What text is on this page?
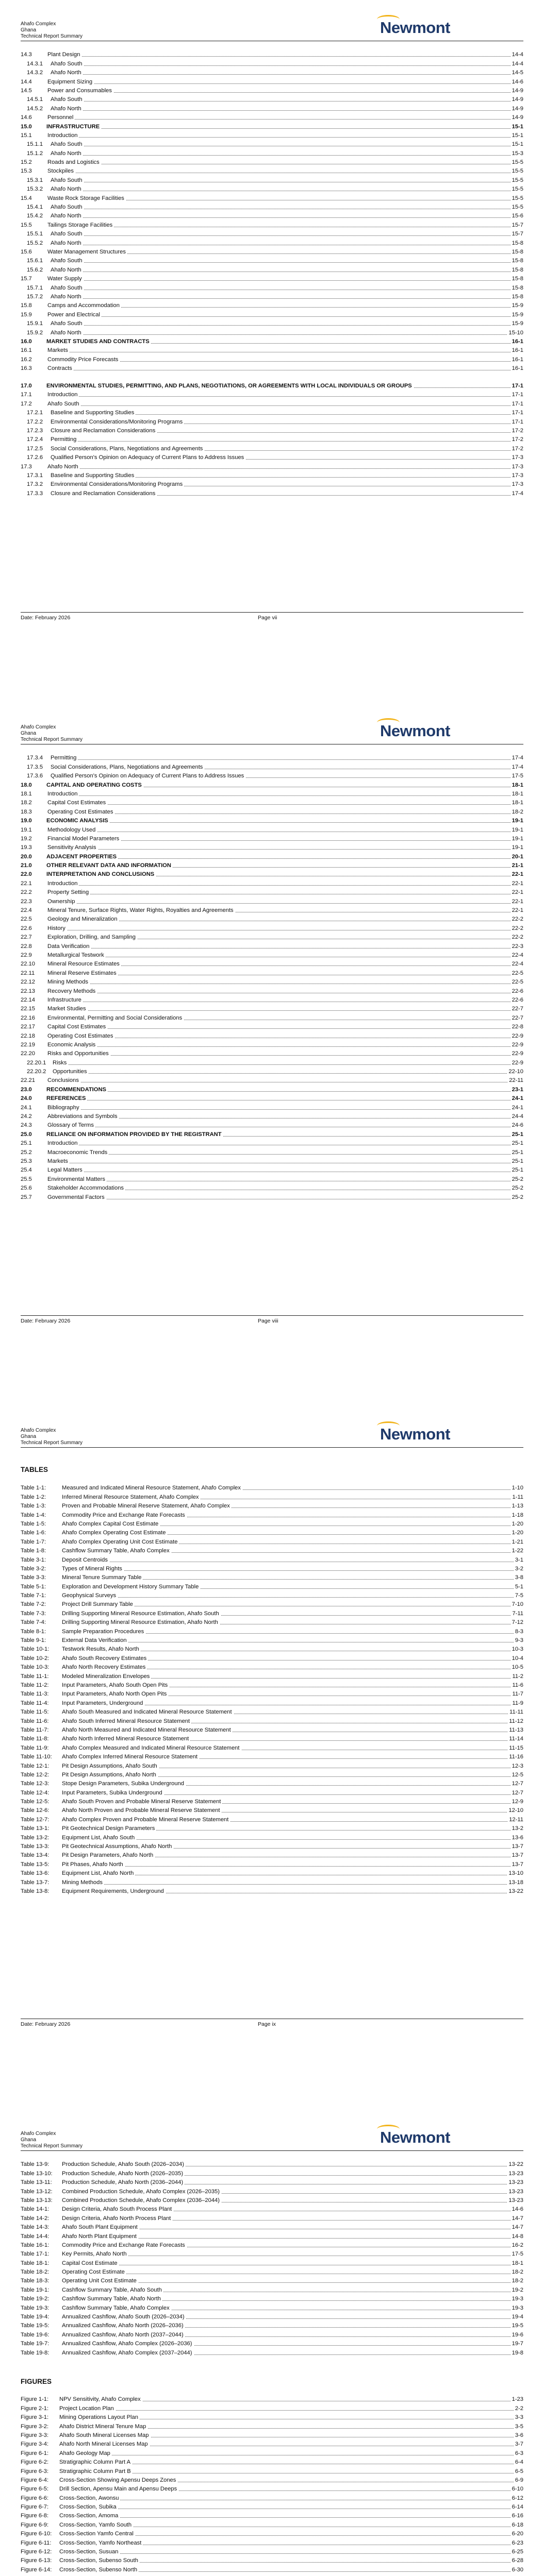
Ahafo Complex
Ghana
Technical Report Summary	Newmont
14.3	Plant Design	14-4
14.3.1	Ahafo South	14-4
14.3.2	Ahafo North	14-5
14.4	Equipment Sizing	14-6
14.5	Power and Consumables	14-9
14.5.1	Ahafo South	14-9
14.5.2	Ahafo North	14-9
14.6	Personnel	14-9
15.0	INFRASTRUCTURE	15-1
15.1	Introduction	15-1
15.1.1	Ahafo South	15-1
15.1.2	Ahafo North	15-3
15.2	Roads and Logistics	15-5
15.3	Stockpiles	15-5
15.3.1	Ahafo South	15-5
15.3.2	Ahafo North	15-5
15.4	Waste Rock Storage Facilities	15-5
15.4.1	Ahafo South	15-5
15.4.2	Ahafo North	15-6
15.5	Tailings Storage Facilities	15-7
15.5.1	Ahafo South	15-7
15.5.2	Ahafo North	15-8
15.6	Water Management Structures	15-8
15.6.1	Ahafo South	15-8
15.6.2	Ahafo North	15-8
15.7	Water Supply	15-8
15.7.1	Ahafo South	15-8
15.7.2	Ahafo North	15-8
15.8	Camps and Accommodation	15-9
15.9	Power and Electrical	15-9
15.9.1	Ahafo South	15-9
15.9.2	Ahafo North	15-10
16.0	MARKET STUDIES AND CONTRACTS	16-1
16.1	Markets	16-1
16.2	Commodity Price Forecasts	16-1
16.3	Contracts	16-1
17.0	ENVIRONMENTAL STUDIES, PERMITTING, AND PLANS, NEGOTIATIONS, OR AGREEMENTS WITH LOCAL INDIVIDUALS OR GROUPS	17-1
17.1	Introduction	17-1
17.2	Ahafo South	17-1
17.2.1	Baseline and Supporting Studies	17-1
17.2.2	Environmental Considerations/Monitoring Programs	17-1
17.2.3	Closure and Reclamation Considerations	17-2
17.2.4	Permitting	17-2
17.2.5	Social Considerations, Plans, Negotiations and Agreements	17-2
17.2.6	Qualified Person's Opinion on Adequacy of Current Plans to Address Issues	17-3
17.3	Ahafo North	17-3
17.3.1	Baseline and Supporting Studies	17-3
17.3.2	Environmental Considerations/Monitoring Programs	17-3
17.3.3	Closure and Reclamation Considerations	17-4
Date: February 2026	Page vii
Ahafo Complex
Ghana
Technical Report Summary	Newmont
17.3.4	Permitting	17-4
17.3.5	Social Considerations, Plans, Negotiations and Agreements	17-4
17.3.6	Qualified Person's Opinion on Adequacy of Current Plans to Address Issues	17-5
18.0	CAPITAL AND OPERATING COSTS	18-1
18.1	Introduction	18-1
18.2	Capital Cost Estimates	18-1
18.3	Operating Cost Estimates	18-2
19.0	ECONOMIC ANALYSIS	19-1
19.1	Methodology Used	19-1
19.2	Financial Model Parameters	19-1
19.3	Sensitivity Analysis	19-1
20.0	ADJACENT PROPERTIES	20-1
21.0	OTHER RELEVANT DATA AND INFORMATION	21-1
22.0	INTERPRETATION AND CONCLUSIONS	22-1
22.1	Introduction	22-1
22.2	Property Setting	22-1
22.3	Ownership	22-1
22.4	Mineral Tenure, Surface Rights, Water Rights, Royalties and Agreements	22-1
22.5	Geology and Mineralization	22-2
22.6	History	22-2
22.7	Exploration, Drilling, and Sampling	22-2
22.8	Data Verification	22-3
22.9	Metallurgical Testwork	22-4
22.10	Mineral Resource Estimates	22-4
22.11	Mineral Reserve Estimates	22-5
22.12	Mining Methods	22-5
22.13	Recovery Methods	22-6
22.14	Infrastructure	22-6
22.15	Market Studies	22-7
22.16	Environmental, Permitting and Social Considerations	22-7
22.17	Capital Cost Estimates	22-8
22.18	Operating Cost Estimates	22-9
22.19	Economic Analysis	22-9
22.20	Risks and Opportunities	22-9
22.20.1	Risks	22-9
22.20.2	Opportunities	22-10
22.21	Conclusions	22-11
23.0	RECOMMENDATIONS	23-1
24.0	REFERENCES	24-1
24.1	Bibliography	24-1
24.2	Abbreviations and Symbols	24-4
24.3	Glossary of Terms	24-6
25.0	RELIANCE ON INFORMATION PROVIDED BY THE REGISTRANT	25-1
25.1	Introduction	25-1
25.2	Macroeconomic Trends	25-1
25.3	Markets	25-1
25.4	Legal Matters	25-1
25.5	Environmental Matters	25-2
25.6	Stakeholder Accommodations	25-2
25.7	Governmental Factors	25-2
Date: February 2026	Page viii
Ahafo Complex
Ghana
Technical Report Summary	Newmont
TABLES
Table 1-1:	Measured and Indicated Mineral Resource Statement, Ahafo Complex	1-10
Table 1-2:	Inferred Mineral Resource Statement, Ahafo Complex	1-11
Table 1-3:	Proven and Probable Mineral Reserve Statement, Ahafo Complex	1-13
Table 1-4:	Commodity Price and Exchange Rate Forecasts	1-18
Table 1-5:	Ahafo Complex Capital Cost Estimate	1-20
Table 1-6:	Ahafo Complex Operating Cost Estimate	1-20
Table 1-7:	Ahafo Complex Operating Unit Cost Estimate	1-21
Table 1-8:	Cashflow Summary Table, Ahafo Complex	1-22
Table 3-1:	Deposit Centroids	3-1
Table 3-2:	Types of Mineral Rights	3-2
Table 3-3:	Mineral Tenure Summary Table	3-8
Table 5-1:	Exploration and Development History Summary Table	5-1
Table 7-1:	Geophysical Surveys	7-5
Table 7-2:	Project Drill Summary Table	7-10
Table 7-3:	Drilling Supporting Mineral Resource Estimation, Ahafo South	7-11
Table 7-4:	Drilling Supporting Mineral Resource Estimation, Ahafo North	7-12
Table 8-1:	Sample Preparation Procedures	8-3
Table 9-1:	External Data Verification	9-3
Table 10-1:	Testwork Results, Ahafo North	10-3
Table 10-2:	Ahafo South Recovery Estimates	10-4
Table 10-3:	Ahafo North Recovery Estimates	10-5
Table 11-1:	Modeled Mineralization Envelopes	11-2
Table 11-2:	Input Parameters, Ahafo South Open Pits	11-6
Table 11-3:	Input Parameters, Ahafo North Open Pits	11-7
Table 11-4:	Input Parameters, Underground	11-9
Table 11-5:	Ahafo South Measured and Indicated Mineral Resource Statement	11-11
Table 11-6:	Ahafo South Inferred Mineral Resource Statement	11-12
Table 11-7:	Ahafo North Measured and Indicated Mineral Resource Statement	11-13
Table 11-8:	Ahafo North Inferred Mineral Resource Statement	11-14
Table 11-9:	Ahafo Complex Measured and Indicated Mineral Resource Statement	11-15
Table 11-10:	Ahafo Complex Inferred Mineral Resource Statement	11-16
Table 12-1:	Pit Design Assumptions, Ahafo South	12-3
Table 12-2:	Pit Design Assumptions, Ahafo North	12-5
Table 12-3:	Stope Design Parameters, Subika Underground	12-7
Table 12-4:	Input Parameters, Subika Underground	12-7
Table 12-5:	Ahafo South Proven and Probable Mineral Reserve Statement	12-9
Table 12-6:	Ahafo North Proven and Probable Mineral Reserve Statement	12-10
Table 12-7:	Ahafo Complex Proven and Probable Mineral Reserve Statement	12-11
Table 13-1:	Pit Geotechnical Design Parameters	13-2
Table 13-2:	Equipment List, Ahafo South	13-6
Table 13-3:	Pit Geotechnical Assumptions, Ahafo North	13-7
Table 13-4:	Pit Design Parameters, Ahafo North	13-7
Table 13-5:	Pit Phases, Ahafo North	13-7
Table 13-6:	Equipment List, Ahafo North	13-10
Table 13-7:	Mining Methods	13-18
Table 13-8:	Equipment Requirements, Underground	13-22
Date: February 2026	Page ix
Ahafo Complex
Ghana
Technical Report Summary	Newmont
Table 13-9:	Production Schedule, Ahafo South (2026–2034)	13-22
Table 13-10:	Production Schedule, Ahafo North (2026–2035)	13-23
Table 13-11:	Production Schedule, Ahafo North (2036–2044)	13-23
Table 13-12:	Combined Production Schedule, Ahafo Complex (2026–2035)	13-23
Table 13-13:	Combined Production Schedule, Ahafo Complex (2036–2044)	13-23
Table 14-1:	Design Criteria, Ahafo South Process Plant	14-6
Table 14-2:	Design Criteria, Ahafo North Process Plant	14-7
Table 14-3:	Ahafo South Plant Equipment	14-7
Table 14-4:	Ahafo North Plant Equipment	14-8
Table 16-1:	Commodity Price and Exchange Rate Forecasts	16-2
Table 17-1:	Key Permits, Ahafo North	17-5
Table 18-1:	Capital Cost Estimate	18-1
Table 18-2:	Operating Cost Estimate	18-2
Table 18-3:	Operating Unit Cost Estimate	18-2
Table 19-1:	Cashflow Summary Table, Ahafo South	19-2
Table 19-2:	Cashflow Summary Table, Ahafo North	19-3
Table 19-3:	Cashflow Summary Table, Ahafo Complex	19-3
Table 19-4:	Annualized Cashflow, Ahafo South (2026–2034)	19-4
Table 19-5:	Annualized Cashflow, Ahafo North (2026–2036)	19-5
Table 19-6:	Annualized Cashflow, Ahafo North (2037–2044)	19-6
Table 19-7:	Annualized Cashflow, Ahafo Complex (2026–2036)	19-7
Table 19-8:	Annualized Cashflow, Ahafo Complex (2037–2044)	19-8
FIGURES
Figure 1-1:	NPV Sensitivity, Ahafo Complex	1-23
Figure 2-1:	Project Location Plan	2-2
Figure 3-1:	Mining Operations Layout Plan	3-3
Figure 3-2:	Ahafo District Mineral Tenure Map	3-5
Figure 3-3:	Ahafo South Mineral Licenses Map	3-6
Figure 3-4:	Ahafo North Mineral Licenses Map	3-7
Figure 6-1:	Ahafo Geology Map	6-3
Figure 6-2:	Stratigraphic Column Part A	6-4
Figure 6-3:	Stratigraphic Column Part B	6-5
Figure 6-4:	Cross-Section Showing Apensu Deeps Zones	6-9
Figure 6-5:	Drill Section, Apensu Main and Apensu Deeps	6-10
Figure 6-6:	Cross-Section, Awonsu	6-12
Figure 6-7:	Cross-Section, Subika	6-14
Figure 6-8:	Cross-Section, Amoma	6-16
Figure 6-9:	Cross-Section, Yamfo South	6-18
Figure 6-10:	Cross-Section Yamfo Central	6-20
Figure 6-11:	Cross-Section, Yamfo Northeast	6-23
Figure 6-12:	Cross-Section, Susuan	6-25
Figure 6-13:	Cross-Section, Subenso South	6-28
Figure 6-14:	Cross-Section, Subenso North	6-30
